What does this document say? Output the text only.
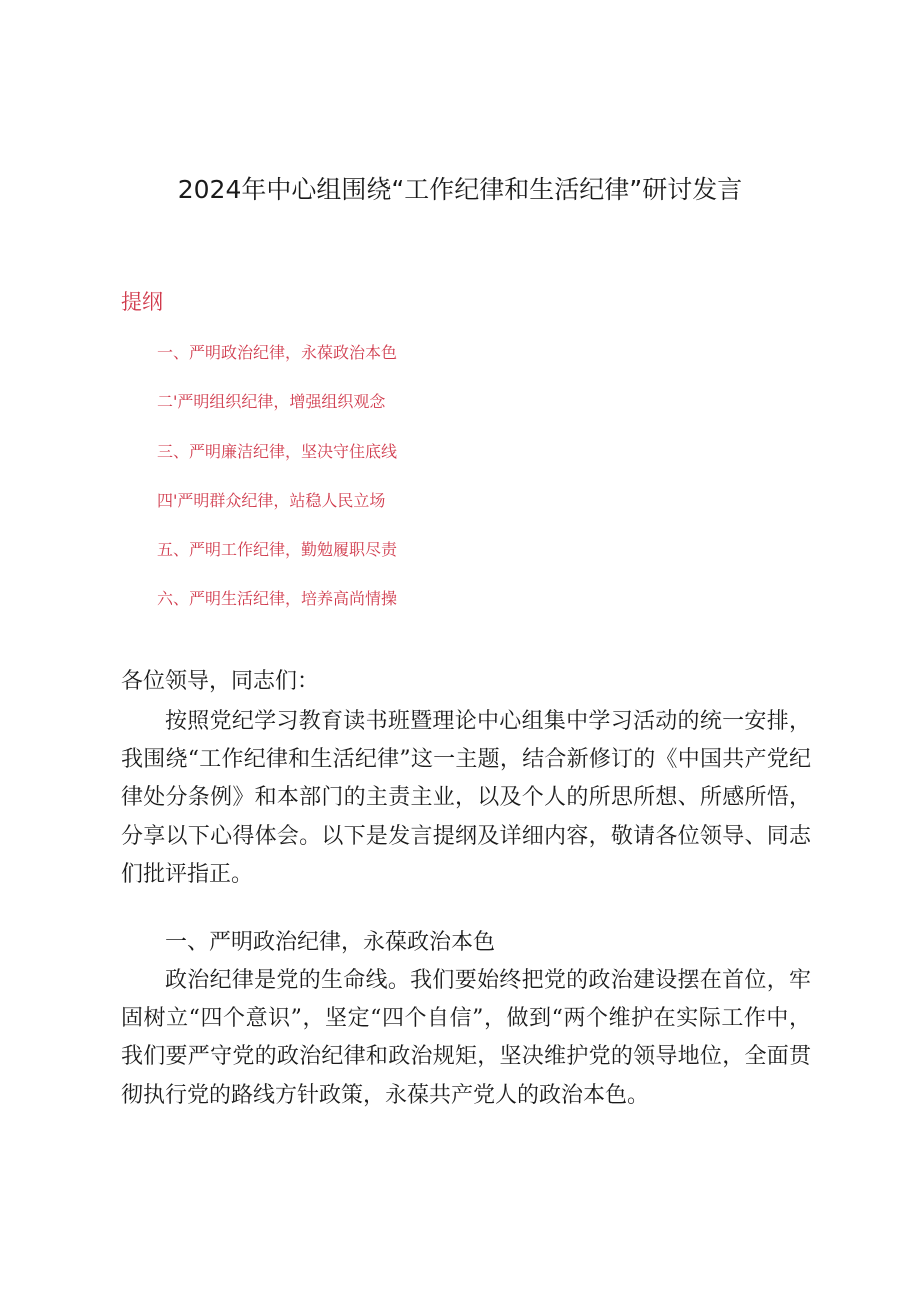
2024年中心组围绕“工作纪律和生活纪律”研讨发言
提纲
一、严明政治纪律，永葆政治本色
二'严明组织纪律，增强组织观念
三、严明廉洁纪律，坚决守住底线
四'严明群众纪律，站稳人民立场
五、严明工作纪律，勤勉履职尽责
六、严明生活纪律，培养高尚情操
各位领导，同志们：

按照党纪学习教育读书班暨理论中心组集中学习活动的统一安排，我围绕“工作纪律和生活纪律”这一主题，结合新修订的《中国共产党纪律处分条例》和本部门的主责主业，以及个人的所思所想、所感所悟，分享以下心得体会。以下是发言提纲及详细内容，敬请各位领导、同志们批评指正。

一、严明政治纪律，永葆政治本色

政治纪律是党的生命线。我们要始终把党的政治建设摆在首位，牢固树立“四个意识”，坚定“四个自信”，做到“两个维护在实际工作中，我们要严守党的政治纪律和政治规矩，坚决维护党的领导地位，全面贯彻执行党的路线方针政策，永葆共产党人的政治本色。
